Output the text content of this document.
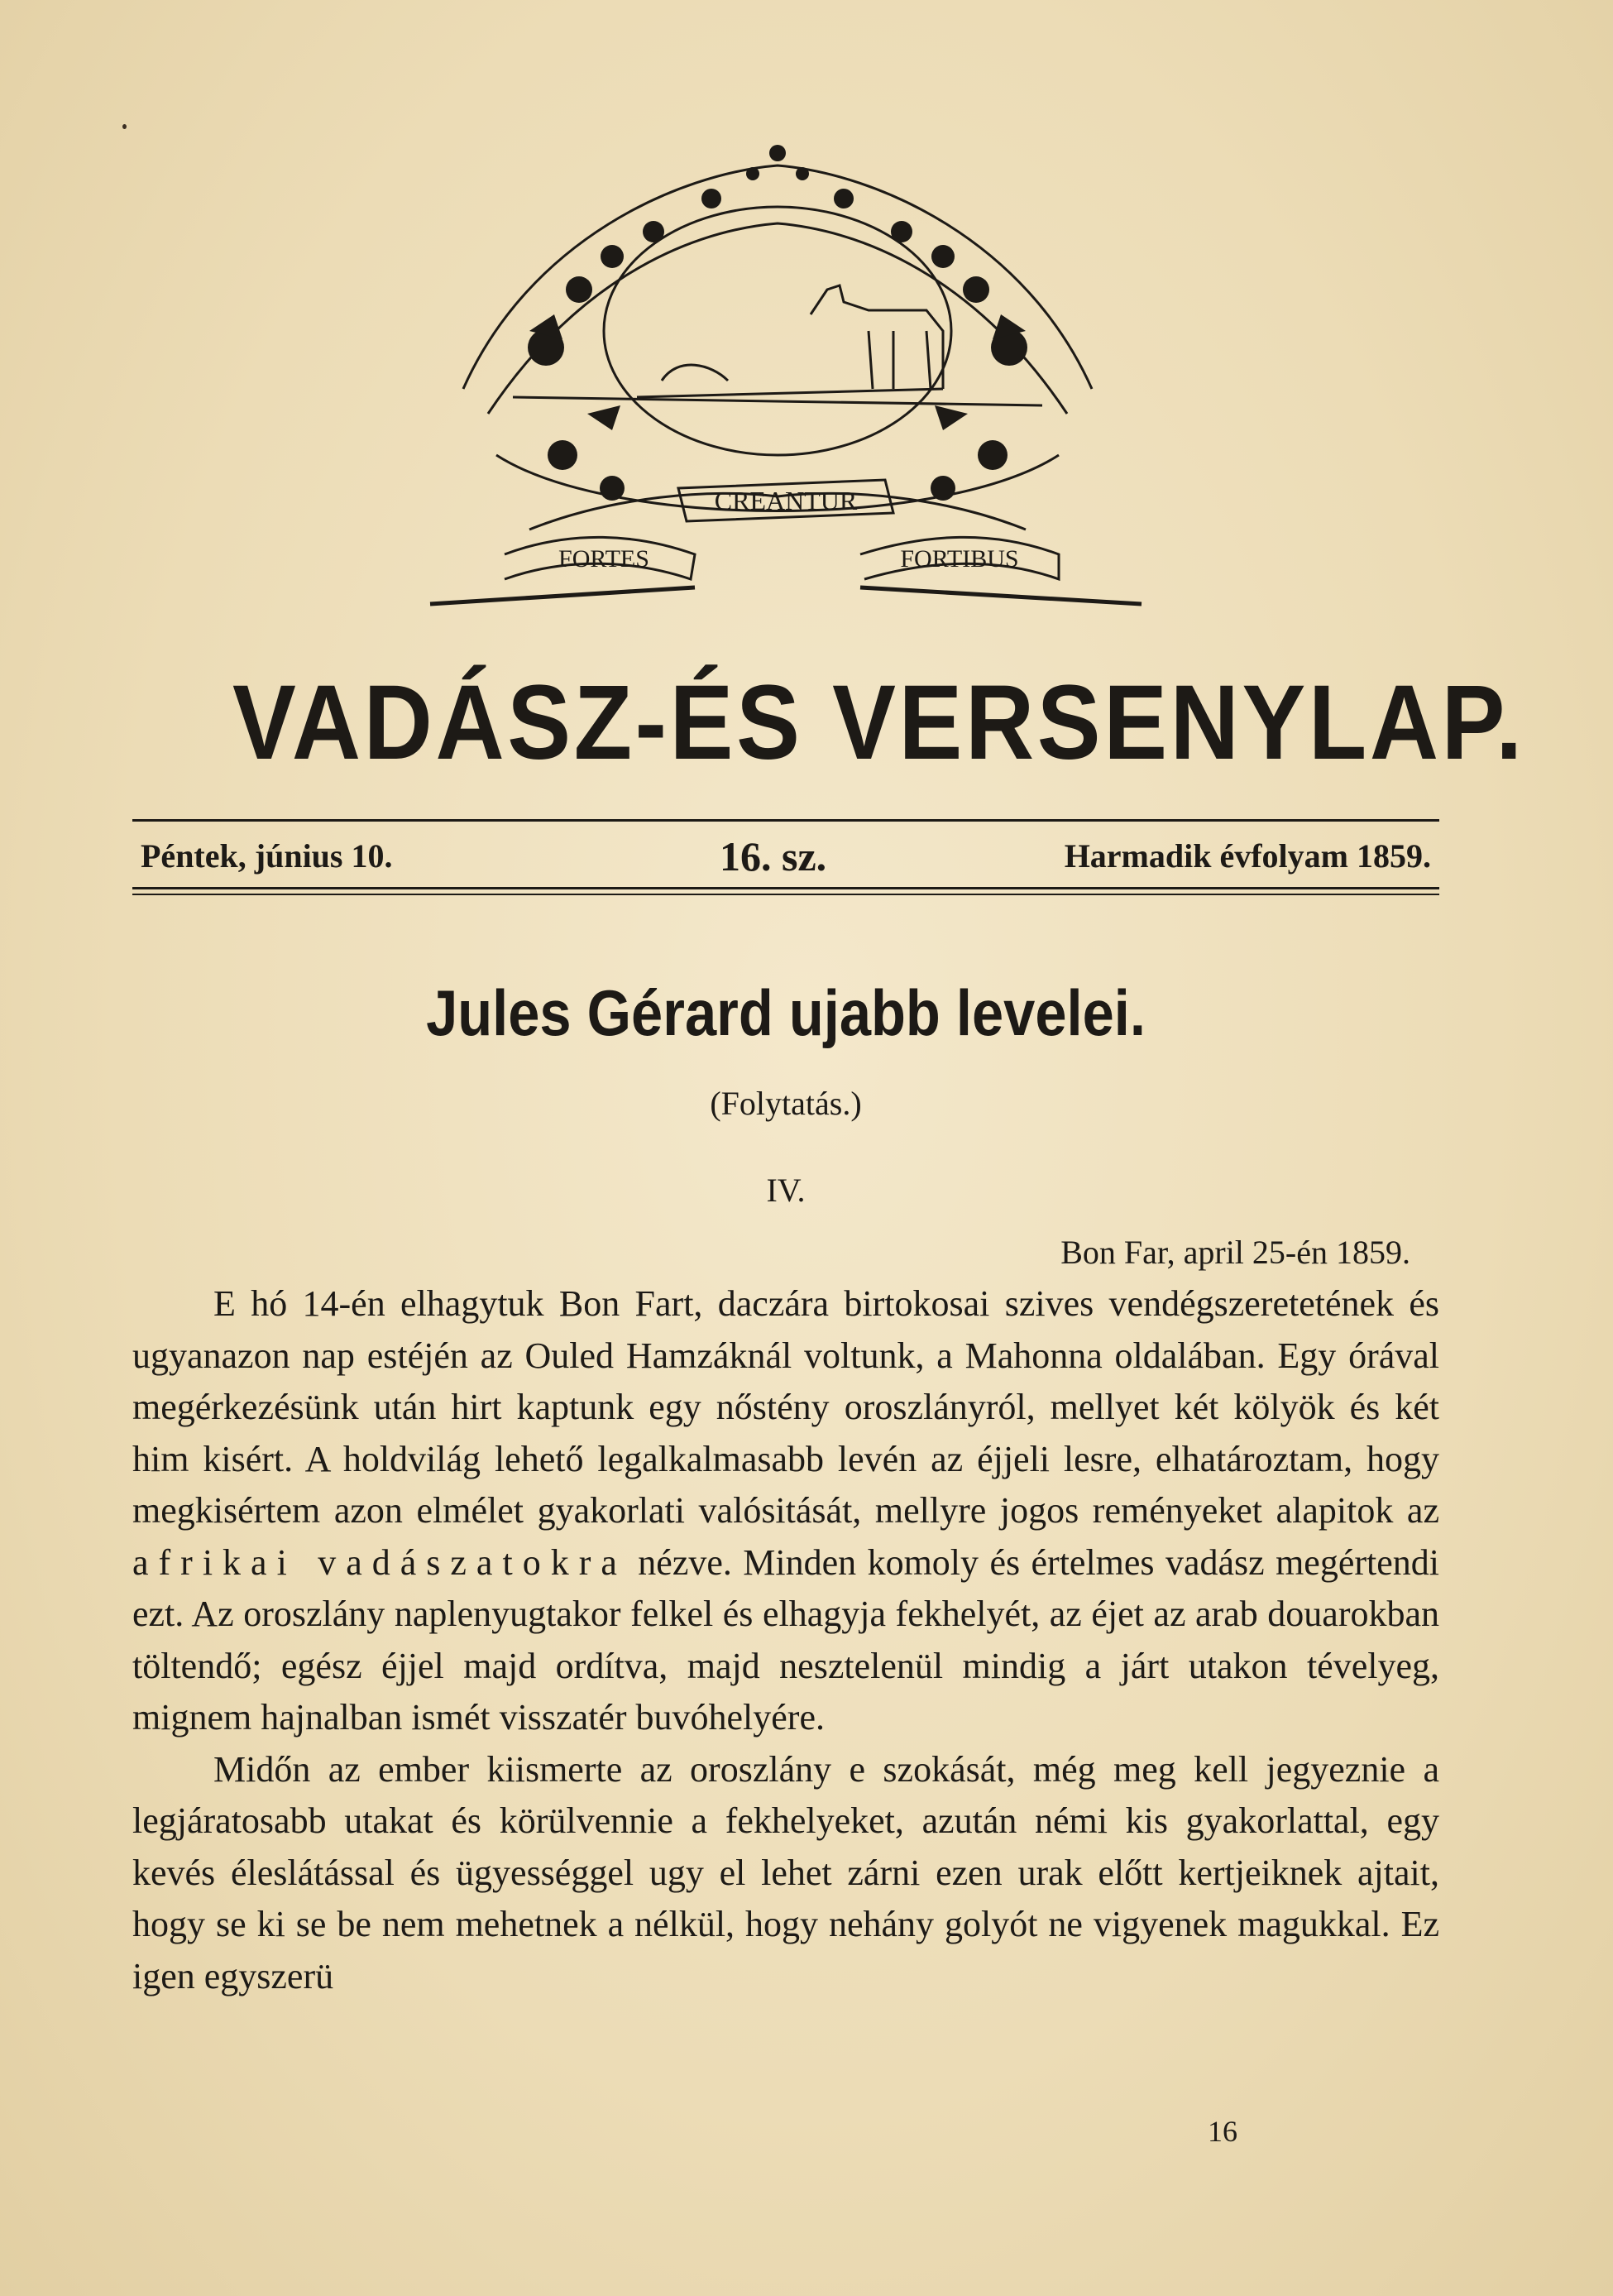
CREANTUR
FORTES	FORTIBUS
VADÁSZ-ÉS VERSENYLAP.
Péntek, június 10.	16. sz.	Harmadik évfolyam 1859.
Jules Gérard ujabb levelei.
(Folytatás.)
IV.
Bon Far, april 25-én 1859.

E hó 14-én elhagytuk Bon Fart, daczára birtokosai szives vendégszeretetének és ugyanazon nap estéjén az Ouled Hamzáknál voltunk, a Mahonna oldalában. Egy órával megérkezésünk után hirt kaptunk egy nőstény oroszlányról, mellyet két kölyök és két him kisért. A holdvilág lehető legalkalmasabb levén az éjjeli lesre, elhatároztam, hogy megkisértem azon elmélet gyakorlati valósitását, mellyre jogos reményeket alapitok az afrikai vadászatokra nézve. Minden komoly és értelmes vadász megértendi ezt. Az oroszlány naplenyugtakor felkel és elhagyja fekhelyét, az éjet az arab douarokban töltendő; egész éjjel majd ordítva, majd nesztelenül mindig a járt utakon tévelyeg, mignem hajnalban ismét visszatér buvóhelyére.

Midőn az ember kiismerte az oroszlány e szokását, még meg kell jegyeznie a legjáratosabb utakat és körülvennie a fekhelyeket, azután némi kis gyakorlattal, egy kevés éleslátással és ügyességgel ugy el lehet zárni ezen urak előtt kertjeiknek ajtait, hogy se ki se be nem mehetnek a nélkül, hogy nehány golyót ne vigyenek magukkal. Ez igen egyszerü

16
